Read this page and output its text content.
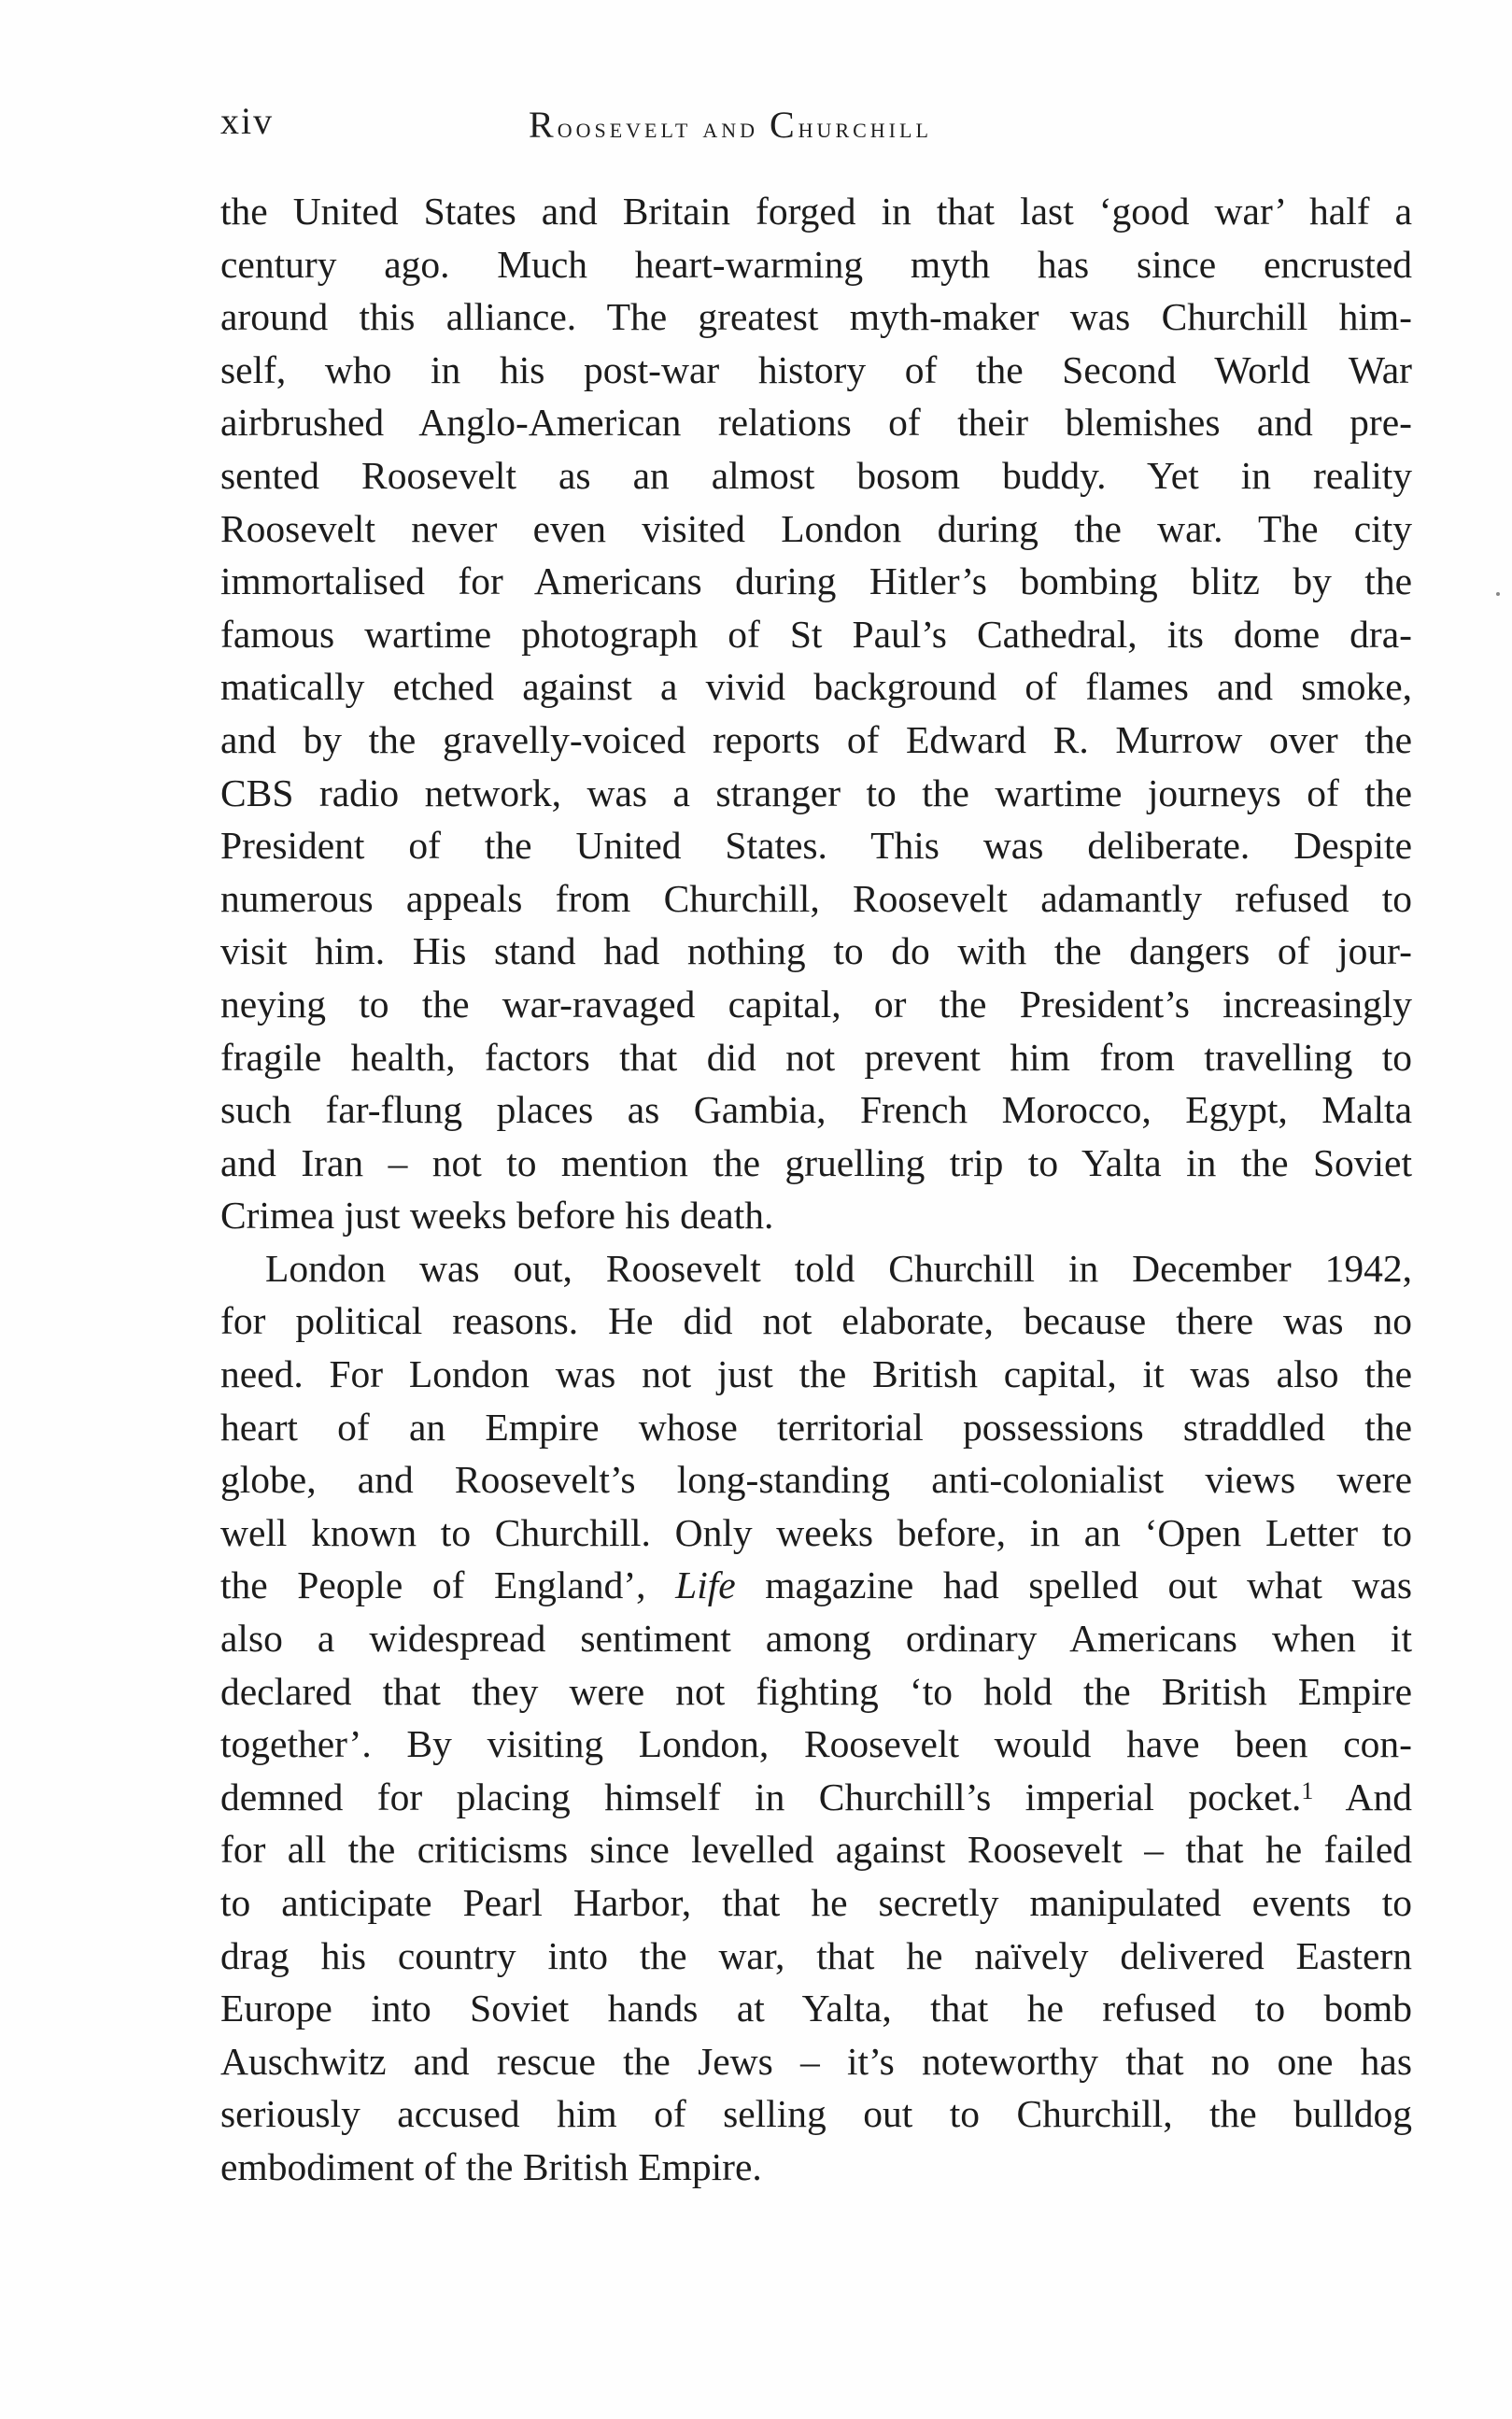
xiv	Roosevelt and Churchill
the United States and Britain forged in that last ‘good war’ half a
century ago. Much heart-warming myth has since encrusted
around this alliance. The greatest myth-maker was Churchill him-
self, who in his post-war history of the Second World War
airbrushed Anglo-American relations of their blemishes and pre-
sented Roosevelt as an almost bosom buddy. Yet in reality
Roosevelt never even visited London during the war. The city
immortalised for Americans during Hitler’s bombing blitz by the
famous wartime photograph of St Paul’s Cathedral, its dome dra-
matically etched against a vivid background of flames and smoke,
and by the gravelly-voiced reports of Edward R. Murrow over the
CBS radio network, was a stranger to the wartime journeys of the
President of the United States. This was deliberate. Despite
numerous appeals from Churchill, Roosevelt adamantly refused to
visit him. His stand had nothing to do with the dangers of jour-
neying to the war-ravaged capital, or the President’s increasingly
fragile health, factors that did not prevent him from travelling to
such far-flung places as Gambia, French Morocco, Egypt, Malta
and Iran – not to mention the gruelling trip to Yalta in the Soviet
Crimea just weeks before his death.
London was out, Roosevelt told Churchill in December 1942,
for political reasons. He did not elaborate, because there was no
need. For London was not just the British capital, it was also the
heart of an Empire whose territorial possessions straddled the
globe, and Roosevelt’s long-standing anti-colonialist views were
well known to Churchill. Only weeks before, in an ‘Open Letter to
the People of England’, Life magazine had spelled out what was
also a widespread sentiment among ordinary Americans when it
declared that they were not fighting ‘to hold the British Empire
together’. By visiting London, Roosevelt would have been con-
demned for placing himself in Churchill’s imperial pocket.$^1$ And
for all the criticisms since levelled against Roosevelt – that he failed
to anticipate Pearl Harbor, that he secretly manipulated events to
drag his country into the war, that he naïvely delivered Eastern
Europe into Soviet hands at Yalta, that he refused to bomb
Auschwitz and rescue the Jews – it’s noteworthy that no one has
seriously accused him of selling out to Churchill, the bulldog
embodiment of the British Empire.
